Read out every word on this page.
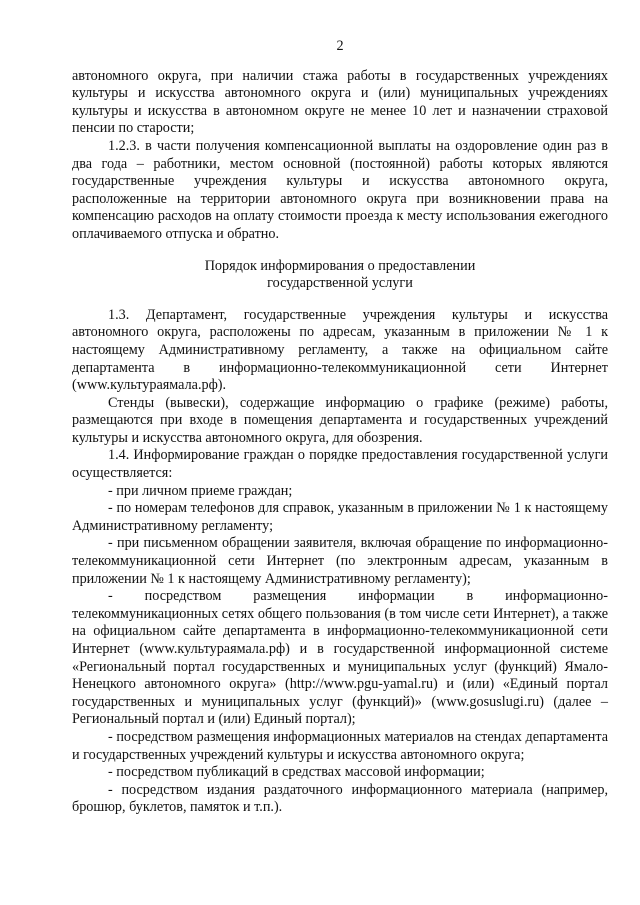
2

автономного округа, при наличии стажа работы в государственных учреждениях культуры и искусства автономного округа и (или) муниципальных учреждениях культуры и искусства в автономном округе не менее 10 лет и назначении страховой пенсии по старости;

1.2.3. в части получения компенсационной выплаты на оздоровление один раз в два года – работники, местом основной (постоянной) работы которых являются государственные учреждения культуры и искусства автономного округа, расположенные на территории автономного округа при возникновении права на компенсацию расходов на оплату стоимости проезда к месту использования ежегодного оплачиваемого отпуска и обратно.

Порядок информирования о предоставлении
государственной услуги

1.3. Департамент, государственные учреждения культуры и искусства автономного округа, расположены по адресам, указанным в приложении № 1 к настоящему Административному регламенту, а также на официальном сайте департамента в информационно-телекоммуникационной сети Интернет (www.культураямала.рф).

Стенды (вывески), содержащие информацию о графике (режиме) работы, размещаются при входе в помещения департамента и государственных учреждений культуры и искусства автономного округа, для обозрения.

1.4. Информирование граждан о порядке предоставления государственной услуги осуществляется:

- при личном приеме граждан;

- по номерам телефонов для справок, указанным в приложении № 1 к настоящему Административному регламенту;

- при письменном обращении заявителя, включая обращение по информационно-телекоммуникационной сети Интернет (по электронным адресам, указанным в приложении № 1 к настоящему Административному регламенту);

- посредством размещения информации в информационно-телекоммуникационных сетях общего пользования (в том числе сети Интернет), а также на официальном сайте департамента в информационно-телекоммуникационной сети Интернет (www.культураямала.рф) и в государственной информационной системе «Региональный портал государственных и муниципальных услуг (функций) Ямало-Ненецкого автономного округа» (http://www.pgu-yamal.ru) и (или) «Единый портал государственных и муниципальных услуг (функций)» (www.gosuslugi.ru) (далее – Региональный портал и (или) Единый портал);

- посредством размещения информационных материалов на стендах департамента и государственных учреждений культуры и искусства автономного округа;

- посредством публикаций в средствах массовой информации;

- посредством издания раздаточного информационного материала (например, брошюр, буклетов, памяток и т.п.).
